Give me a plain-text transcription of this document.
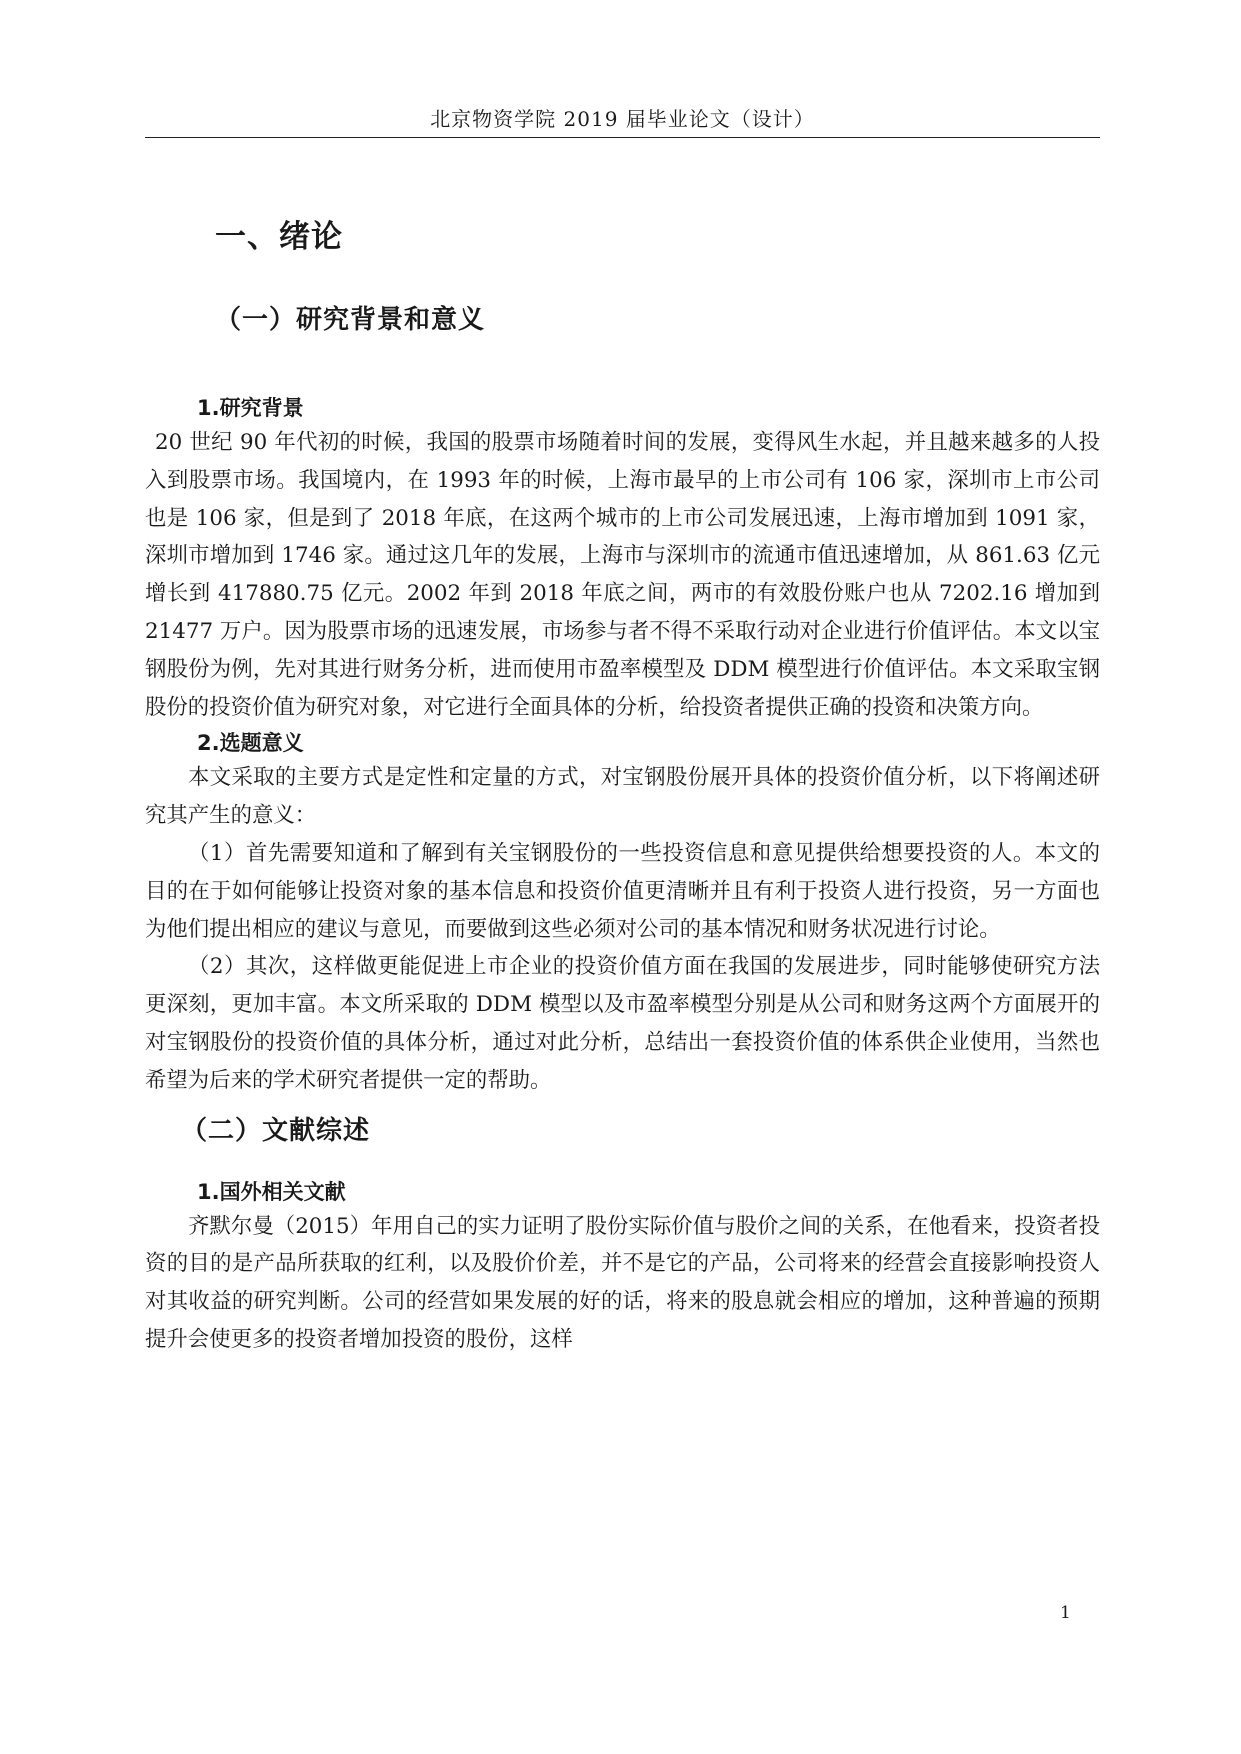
北京物资学院 2019 届毕业论文（设计）
一、绪论
（一）研究背景和意义
1.研究背景

20 世纪 90 年代初的时候，我国的股票市场随着时间的发展，变得风生水起，并且越来越多的人投入到股票市场。我国境内，在 1993 年的时候，上海市最早的上市公司有 106 家，深圳市上市公司也是 106 家，但是到了 2018 年底，在这两个城市的上市公司发展迅速，上海市增加到 1091 家，深圳市增加到 1746 家。通过这几年的发展，上海市与深圳市的流通市值迅速增加，从 861.63 亿元增长到 417880.75 亿元。2002 年到 2018 年底之间，两市的有效股份账户也从 7202.16 增加到 21477 万户。因为股票市场的迅速发展，市场参与者不得不采取行动对企业进行价值评估。本文以宝钢股份为例，先对其进行财务分析，进而使用市盈率模型及 DDM 模型进行价值评估。本文采取宝钢股份的投资价值为研究对象，对它进行全面具体的分析，给投资者提供正确的投资和决策方向。

2.选题意义

本文采取的主要方式是定性和定量的方式，对宝钢股份展开具体的投资价值分析，以下将阐述研究其产生的意义：

（1）首先需要知道和了解到有关宝钢股份的一些投资信息和意见提供给想要投资的人。本文的目的在于如何能够让投资对象的基本信息和投资价值更清晰并且有利于投资人进行投资，另一方面也为他们提出相应的建议与意见，而要做到这些必须对公司的基本情况和财务状况进行讨论。

（2）其次，这样做更能促进上市企业的投资价值方面在我国的发展进步，同时能够使研究方法更深刻，更加丰富。本文所采取的 DDM 模型以及市盈率模型分别是从公司和财务这两个方面展开的对宝钢股份的投资价值的具体分析，通过对此分析，总结出一套投资价值的体系供企业使用，当然也希望为后来的学术研究者提供一定的帮助。

（二）文献综述
1.国外相关文献

齐默尔曼（2015）年用自己的实力证明了股份实际价值与股价之间的关系，在他看来，投资者投资的目的是产品所获取的红利，以及股价价差，并不是它的产品，公司将来的经营会直接影响投资人对其收益的研究判断。公司的经营如果发展的好的话，将来的股息就会相应的增加，这种普遍的预期提升会使更多的投资者增加投资的股份，这样

1
